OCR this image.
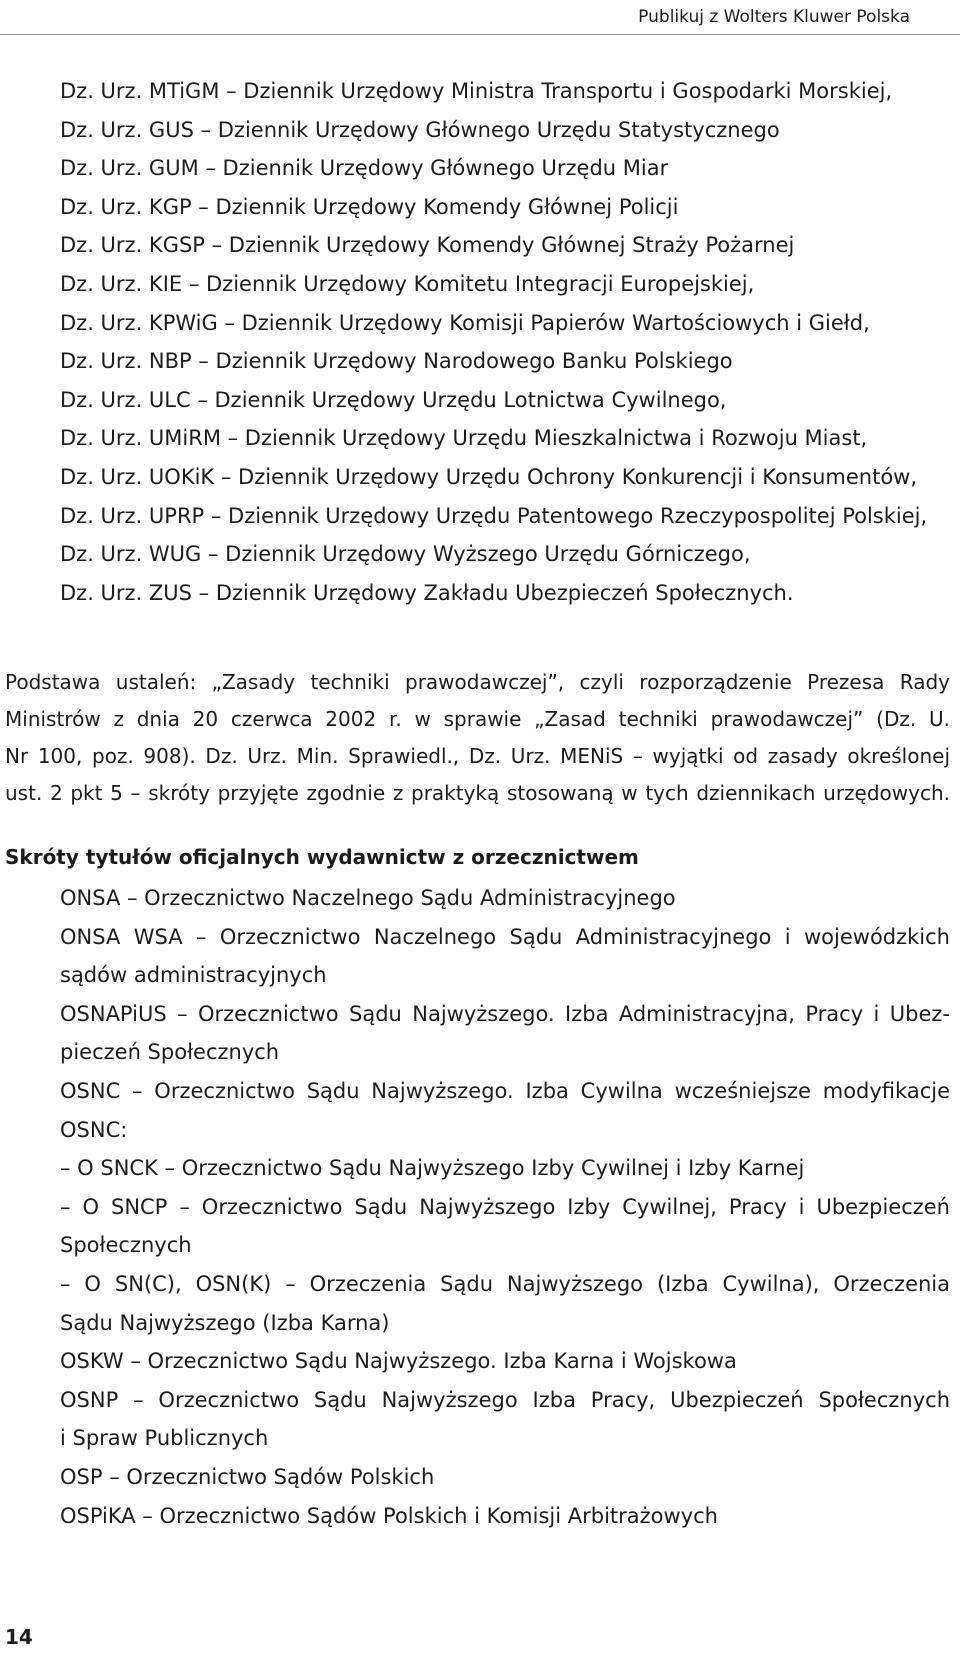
Publikuj z Wolters Kluwer Polska
Dz. Urz. MTiGM – Dziennik Urzędowy Ministra Transportu i Gospodarki Morskiej,
Dz. Urz. GUS – Dziennik Urzędowy Głównego Urzędu Statystycznego
Dz. Urz. GUM – Dziennik Urzędowy Głównego Urzędu Miar
Dz. Urz. KGP – Dziennik Urzędowy Komendy Głównej Policji
Dz. Urz. KGSP – Dziennik Urzędowy Komendy Głównej Straży Pożarnej
Dz. Urz. KIE – Dziennik Urzędowy Komitetu Integracji Europejskiej,
Dz. Urz. KPWiG – Dziennik Urzędowy Komisji Papierów Wartościowych i Giełd,
Dz. Urz. NBP – Dziennik Urzędowy Narodowego Banku Polskiego
Dz. Urz. ULC – Dziennik Urzędowy Urzędu Lotnictwa Cywilnego,
Dz. Urz. UMiRM – Dziennik Urzędowy Urzędu Mieszkalnictwa i Rozwoju Miast,
Dz. Urz. UOKiK – Dziennik Urzędowy Urzędu Ochrony Konkurencji i Konsumentów,
Dz. Urz. UPRP – Dziennik Urzędowy Urzędu Patentowego Rzeczypospolitej Polskiej,
Dz. Urz. WUG – Dziennik Urzędowy Wyższego Urzędu Górniczego,
Dz. Urz. ZUS – Dziennik Urzędowy Zakładu Ubezpieczeń Społecznych.
Podstawa ustaleń: „Zasady techniki prawodawczej”, czyli rozporządzenie Prezesa Rady
Ministrów z dnia 20 czerwca 2002 r. w sprawie „Zasad techniki prawodawczej” (Dz. U.
Nr 100, poz. 908). Dz. Urz. Min. Sprawiedl., Dz. Urz. MENiS – wyjątki od zasady określonej
ust. 2 pkt 5 – skróty przyjęte zgodnie z praktyką stosowaną w tych dziennikach urzędowych.
Skróty tytułów oficjalnych wydawnictw z orzecznictwem
ONSA – Orzecznictwo Naczelnego Sądu Administracyjnego
ONSA WSA – Orzecznictwo Naczelnego Sądu Administracyjnego i wojewódzkich
sądów administracyjnych
OSNAPiUS – Orzecznictwo Sądu Najwyższego. Izba Administracyjna, Pracy i Ubez-
pieczeń Społecznych
OSNC – Orzecznictwo Sądu Najwyższego. Izba Cywilna wcześniejsze modyfikacje
OSNC:
– O SNCK – Orzecznictwo Sądu Najwyższego Izby Cywilnej i Izby Karnej
– O SNCP – Orzecznictwo Sądu Najwyższego Izby Cywilnej, Pracy i Ubezpieczeń
Społecznych
– O SN(C), OSN(K) – Orzeczenia Sądu Najwyższego (Izba Cywilna), Orzeczenia
Sądu Najwyższego (Izba Karna)
OSKW – Orzecznictwo Sądu Najwyższego. Izba Karna i Wojskowa
OSNP – Orzecznictwo Sądu Najwyższego Izba Pracy, Ubezpieczeń Społecznych
i Spraw Publicznych
OSP – Orzecznictwo Sądów Polskich
OSPiKA – Orzecznictwo Sądów Polskich i Komisji Arbitrażowych
14
